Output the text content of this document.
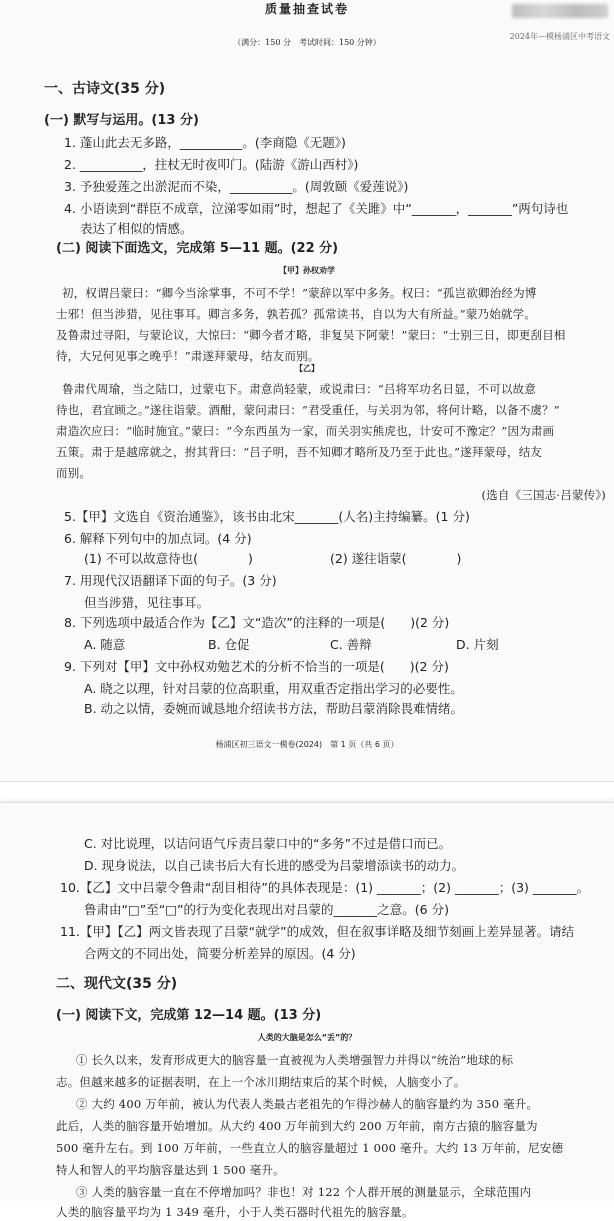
2024年—模杨浦区中考语文
质量抽查试卷
（满分：150 分　考试时间：150 分钟）
一、古诗文(35 分)
(一) 默写与运用。(13 分)
1. 蓬山此去无多路，__________。(李商隐《无题》)
2. __________，拄杖无时夜叩门。(陆游《游山西村》)
3. 予独爱莲之出淤泥而不染，__________。(周敦颐《爱莲说》)
4. 小语读到“群臣不成章，泣涕零如雨”时，想起了《关雎》中“_______，_______”两句诗也
表达了相似的情感。
(二) 阅读下面选文，完成第 5—11 题。(22 分)
【甲】孙权劝学
初，权谓吕蒙曰：“卿今当涂掌事，不可不学！”蒙辞以军中多务。权曰：“孤岂欲卿治经为博
士邪！但当涉猎，见往事耳。卿言多务，孰若孤？孤常读书，自以为大有所益。”蒙乃始就学。
及鲁肃过寻阳，与蒙论议，大惊曰：“卿今者才略，非复吴下阿蒙！”蒙曰：“士别三日，即更刮目相
待，大兄何见事之晚乎！”肃遂拜蒙母，结友而别。
【乙】
鲁肃代周瑜，当之陆口，过蒙屯下。肃意尚轻蒙，或说肃曰：“吕将军功名日显，不可以故意
待也，君宜顾之。”遂往诣蒙。酒酣，蒙问肃曰：“君受重任，与关羽为邻，将何计略，以备不虞？”
肃造次应曰：“临时施宜。”蒙曰：“今东西虽为一家，而关羽实熊虎也，计安可不豫定？”因为肃画
五策。肃于是越席就之，拊其背曰：“吕子明，吾不知卿才略所及乃至于此也。”遂拜蒙母，结友
而别。
(选自《三国志·吕蒙传》)
5.【甲】文选自《资治通鉴》，该书由北宋_______(人名)主持编纂。(1 分)
6. 解释下列句中的加点词。(4 分)
(1) 不可以故意待也(　　　　)	(2) 遂往诣蒙(　　　　)
7. 用现代汉语翻译下面的句子。(3 分)
但当涉猎，见往事耳。
8. 下列选项中最适合作为【乙】文“造次”的注释的一项是(　　)(2 分)
A. 随意	B. 仓促	C. 善辩	D. 片刻
9. 下列对【甲】文中孙权劝勉艺术的分析不恰当的一项是(　　)(2 分)
A. 晓之以理，针对吕蒙的位高职重，用双重否定指出学习的必要性。
B. 动之以情，委婉而诚恳地介绍读书方法，帮助吕蒙消除畏难情绪。
杨浦区初三语文一模卷(2024)　第 1 页（共 6 页）
C. 对比说理，以诘问语气斥责吕蒙口中的“多务”不过是借口而已。
D. 现身说法，以自己读书后大有长进的感受为吕蒙增添读书的动力。
10.【乙】文中吕蒙令鲁肃“刮目相待”的具体表现是：(1) _______；(2) _______；(3) _______。
鲁肃由“□”至“□”的行为变化表现出对吕蒙的_______之意。(6 分)
11.【甲】【乙】两文皆表现了吕蒙“就学”的成效，但在叙事详略及细节刻画上差异显著。请结
合两文的不同出处，简要分析差异的原因。(4 分)
二、现代文(35 分)
(一) 阅读下文，完成第 12—14 题。(13 分)
人类的大脑是怎么“丢”的？
① 长久以来，发育形成更大的脑容量一直被视为人类增强智力并得以“统治”地球的标
志。但越来越多的证据表明，在上一个冰川期结束后的某个时候，人脑变小了。
② 大约 400 万年前，被认为代表人类最古老祖先的乍得沙赫人的脑容量约为 350 毫升。
此后，人类的脑容量开始增加。从大约 400 万年前到大约 200 万年前，南方古猿的脑容量为
500 毫升左右。到 100 万年前，一些直立人的脑容量超过 1 000 毫升。大约 13 万年前，尼安德
特人和智人的平均脑容量达到 1 500 毫升。
③ 人类的脑容量一直在不停增加吗？非也！对 122 个人群开展的测量显示，全球范围内
人类的脑容量平均为 1 349 毫升，小于人类石器时代祖先的脑容量。
